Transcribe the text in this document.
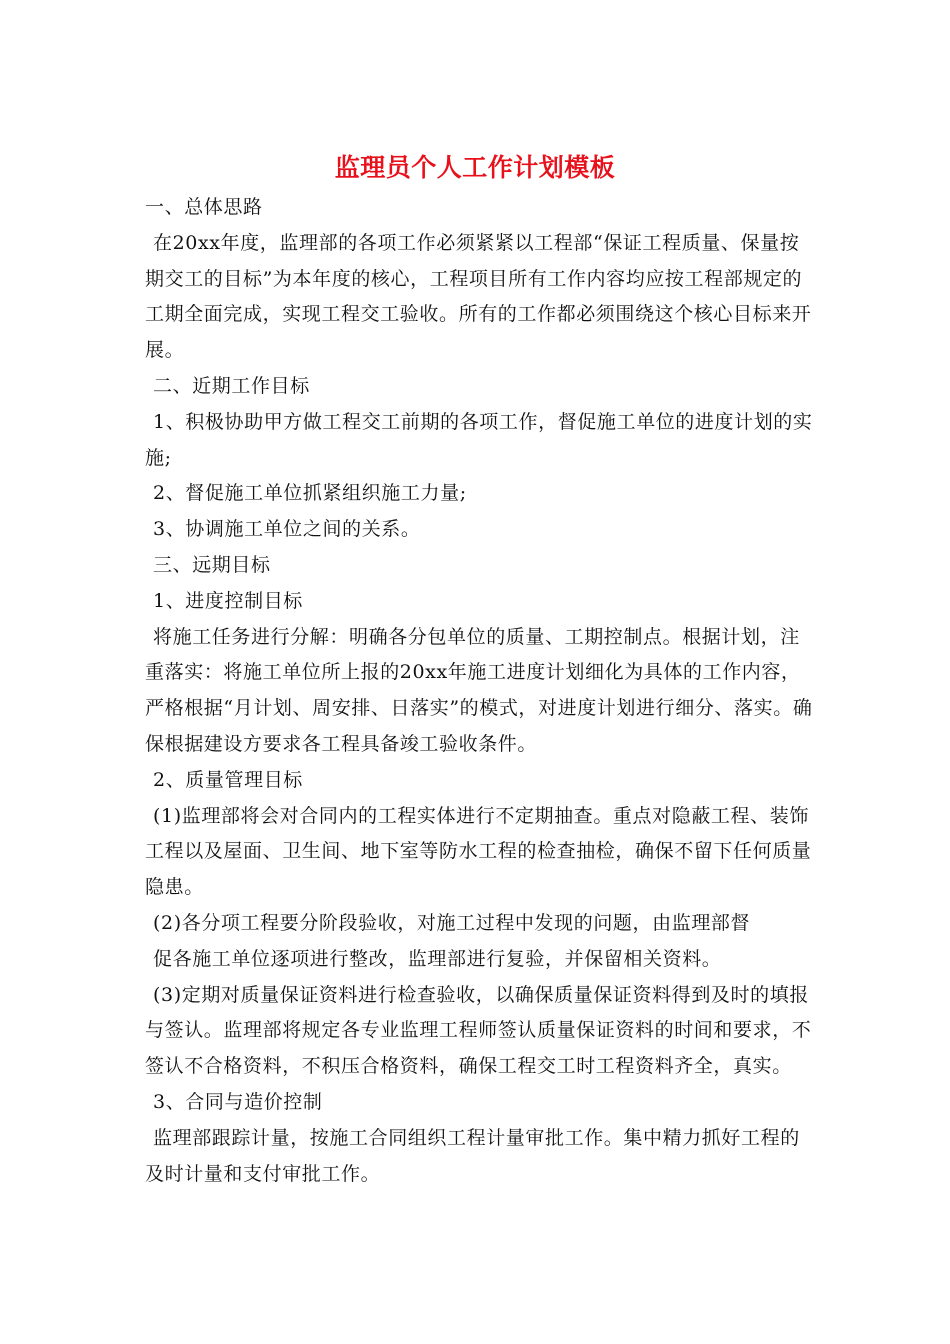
监理员个人工作计划模板

一、总体思路

在20xx年度，监理部的各项工作必须紧紧以工程部“保证工程质量、保量按期交工的目标”为本年度的核心，工程项目所有工作内容均应按工程部规定的工期全面完成，实现工程交工验收。所有的工作都必须围绕这个核心目标来开展。

二、近期工作目标

1、积极协助甲方做工程交工前期的各项工作，督促施工单位的进度计划的实施;

2、督促施工单位抓紧组织施工力量;

3、协调施工单位之间的关系。

三、远期目标

1、进度控制目标

将施工任务进行分解：明确各分包单位的质量、工期控制点。根据计划，注重落实：将施工单位所上报的20xx年施工进度计划细化为具体的工作内容，严格根据“月计划、周安排、日落实”的模式，对进度计划进行细分、落实。确保根据建设方要求各工程具备竣工验收条件。

2、质量管理目标

(1)监理部将会对合同内的工程实体进行不定期抽查。重点对隐蔽工程、装饰工程以及屋面、卫生间、地下室等防水工程的检查抽检，确保不留下任何质量隐患。

(2)各分项工程要分阶段验收，对施工过程中发现的问题，由监理部督

促各施工单位逐项进行整改，监理部进行复验，并保留相关资料。

(3)定期对质量保证资料进行检查验收，以确保质量保证资料得到及时的填报与签认。监理部将规定各专业监理工程师签认质量保证资料的时间和要求，不签认不合格资料，不积压合格资料，确保工程交工时工程资料齐全，真实。

3、合同与造价控制

监理部跟踪计量，按施工合同组织工程计量审批工作。集中精力抓好工程的及时计量和支付审批工作。
